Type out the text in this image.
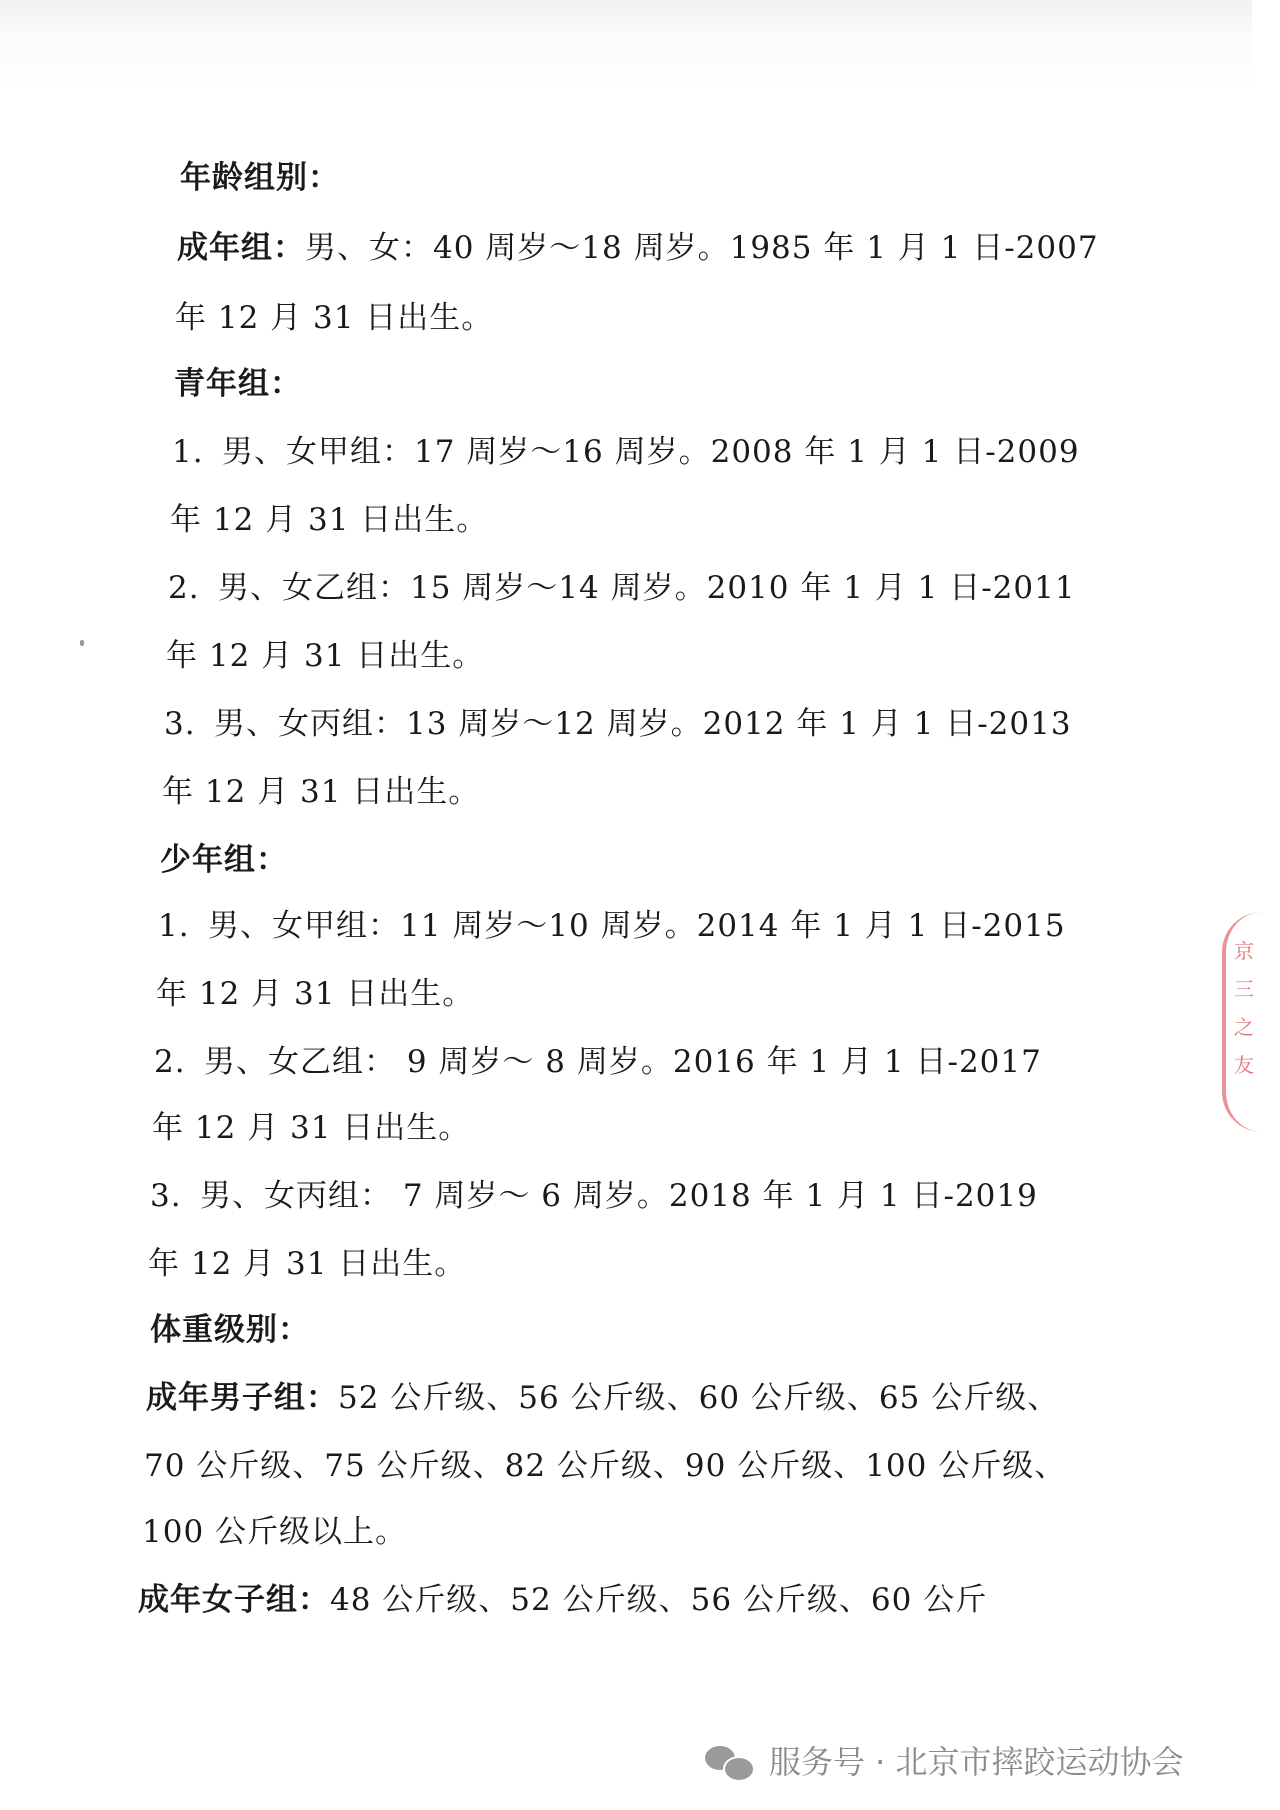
年龄组别：
成年组：男、女：40 周岁～18 周岁。1985 年 1 月 1 日-2007
年 12 月 31 日出生。
青年组：
1. 男、女甲组：17 周岁～16 周岁。2008 年 1 月 1 日-2009
年 12 月 31 日出生。
2. 男、女乙组：15 周岁～14 周岁。2010 年 1 月 1 日-2011
年 12 月 31 日出生。
3. 男、女丙组：13 周岁～12 周岁。2012 年 1 月 1 日-2013
年 12 月 31 日出生。
少年组：
1. 男、女甲组：11 周岁～10 周岁。2014 年 1 月 1 日-2015
年 12 月 31 日出生。
2. 男、女乙组： 9 周岁～ 8 周岁。2016 年 1 月 1 日-2017
年 12 月 31 日出生。
3. 男、女丙组： 7 周岁～ 6 周岁。2018 年 1 月 1 日-2019
年 12 月 31 日出生。
体重级别：
成年男子组：52 公斤级、56 公斤级、60 公斤级、65 公斤级、
70 公斤级、75 公斤级、82 公斤级、90 公斤级、100 公斤级、
100 公斤级以上。
成年女子组：48 公斤级、52 公斤级、56 公斤级、60 公斤
京
三
之
友
服务号 · 北京市摔跤运动协会
